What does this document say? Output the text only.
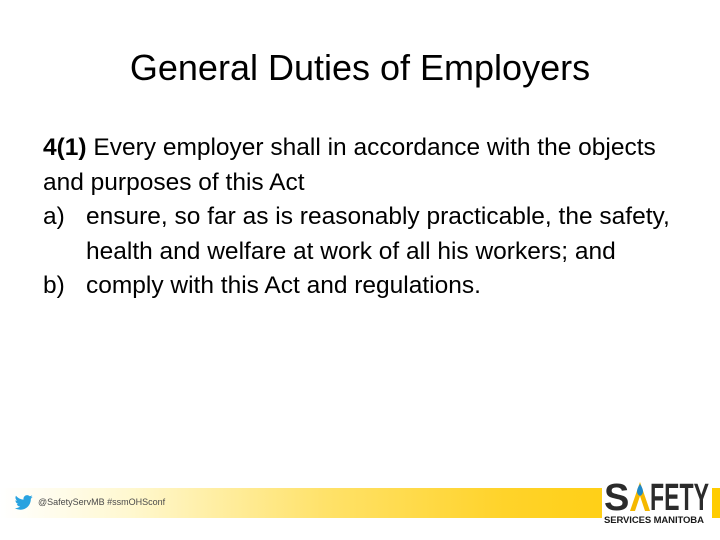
General Duties of Employers
4(1) Every employer shall in accordance with the objects and purposes of this Act
a) ensure, so far as is reasonably practicable, the safety, health and welfare at work of all his workers; and
b) comply with this Act and regulations.
@SafetyServMB #ssmOHSconf	S FETY
SERVICES MANITOBA
